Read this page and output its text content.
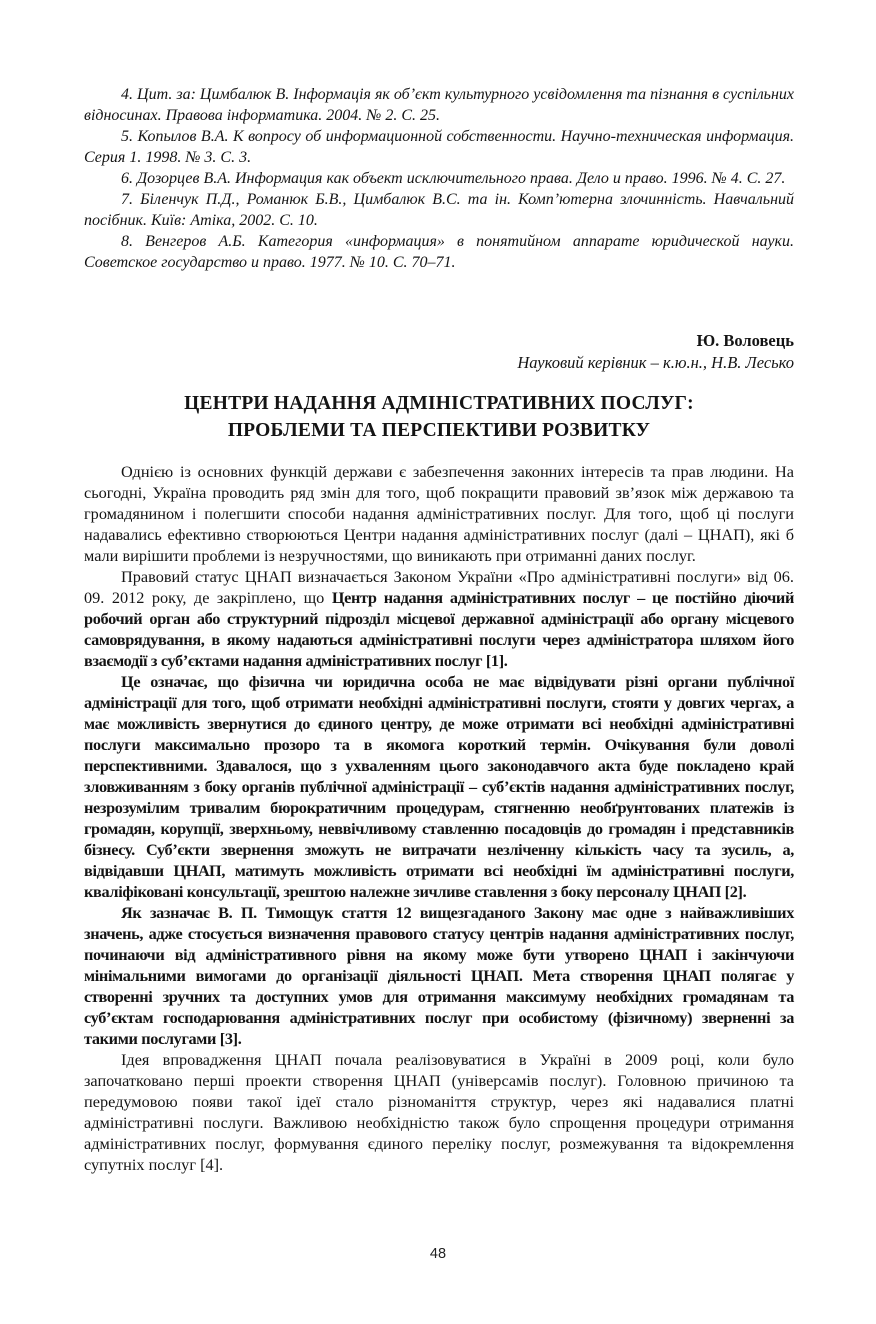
4. Цит. за: Цимбалюк В. Інформація як об’єкт культурного усвідомлення та пізнання в суспільних відносинах. Правова інформатика. 2004. № 2. С. 25.

5. Копылов В.А. К вопросу об информационной собственности. Научно-техническая информация. Серия 1. 1998. № 3. С. 3.

6. Дозорцев В.А. Информация как объект исключительного права. Дело и право. 1996. № 4. С. 27.

7. Біленчук П.Д., Романюк Б.В., Цимбалюк В.С. та ін. Комп’ютерна злочинність. Навчальний посібник. Київ: Атіка, 2002. С. 10.

8. Венгеров А.Б. Категория «информация» в понятийном аппарате юридической науки. Советское государство и право. 1977. № 10. С. 70–71.

Ю. Воловець
Науковий керівник – к.ю.н., Н.В. Лесько
ЦЕНТРИ НАДАННЯ АДМІНІСТРАТИВНИХ ПОСЛУГ:
ПРОБЛЕМИ ТА ПЕРСПЕКТИВИ РОЗВИТКУ

Однією із основних функцій держави є забезпечення законних інтересів та прав людини. На сьогодні, Україна проводить ряд змін для того, щоб покращити правовий зв’язок між державою та громадянином і полегшити способи надання адміністративних послуг. Для того, щоб ці послуги надавались ефективно створюються Центри надання адміністративних послуг (далі – ЦНАП), які б мали вирішити проблеми із незручностями, що виникають при отриманні даних послуг.

Правовий статус ЦНАП визначається Законом України «Про адміністративні послуги» від 06. 09. 2012 року, де закріплено, що Центр надання адміністративних послуг – це постійно діючий робочий орган або структурний підрозділ місцевої державної адміністрації або органу місцевого самоврядування, в якому надаються адміністративні послуги через адміністратора шляхом його взаємодії з суб’єктами надання адміністративних послуг [1].

Це означає, що фізична чи юридична особа не має відвідувати різні органи публічної адміністрації для того, щоб отримати необхідні адміністративні послуги, стояти у довгих чергах, а має можливість звернутися до єдиного центру, де може отримати всі необхідні адміністративні послуги максимально прозоро та в якомога короткий термін. Очікування були доволі перспективними. Здавалося, що з ухваленням цього законодавчого акта буде покладено край зловживанням з боку органів публічної адміністрації – суб’єктів надання адміністративних послуг, незрозумілим тривалим бюрократичним процедурам, стягненню необґрунтованих платежів із громадян, корупції, зверхньому, неввічливому ставленню посадовців до громадян і представників бізнесу. Суб’єкти звернення зможуть не витрачати незліченну кількість часу та зусиль, а, відвідавши ЦНАП, матимуть можливість отримати всі необхідні їм адміністративні послуги, кваліфіковані консультації, зрештою належне зичливе ставлення з боку персоналу ЦНАП [2].

Як зазначає В. П. Тимощук стаття 12 вищезгаданого Закону має одне з найважливіших значень, адже стосується визначення правового статусу центрів надання адміністративних послуг, починаючи від адміністративного рівня на якому може бути утворено ЦНАП і закінчуючи мінімальними вимогами до організації діяльності ЦНАП. Мета створення ЦНАП полягає у створенні зручних та доступних умов для отримання максимуму необхідних громадянам та суб’єктам господарювання адміністративних послуг при особистому (фізичному) зверненні за такими послугами [3].

Ідея впровадження ЦНАП почала реалізовуватися в Україні в 2009 році, коли було започатковано перші проекти створення ЦНАП (універсамів послуг). Головною причиною та передумовою появи такої ідеї стало різноманіття структур, через які надавалися платні адміністративні послуги. Важливою необхідністю також було спрощення процедури отримання адміністративних послуг, формування єдиного переліку послуг, розмежування та відокремлення супутніх послуг [4].

48
